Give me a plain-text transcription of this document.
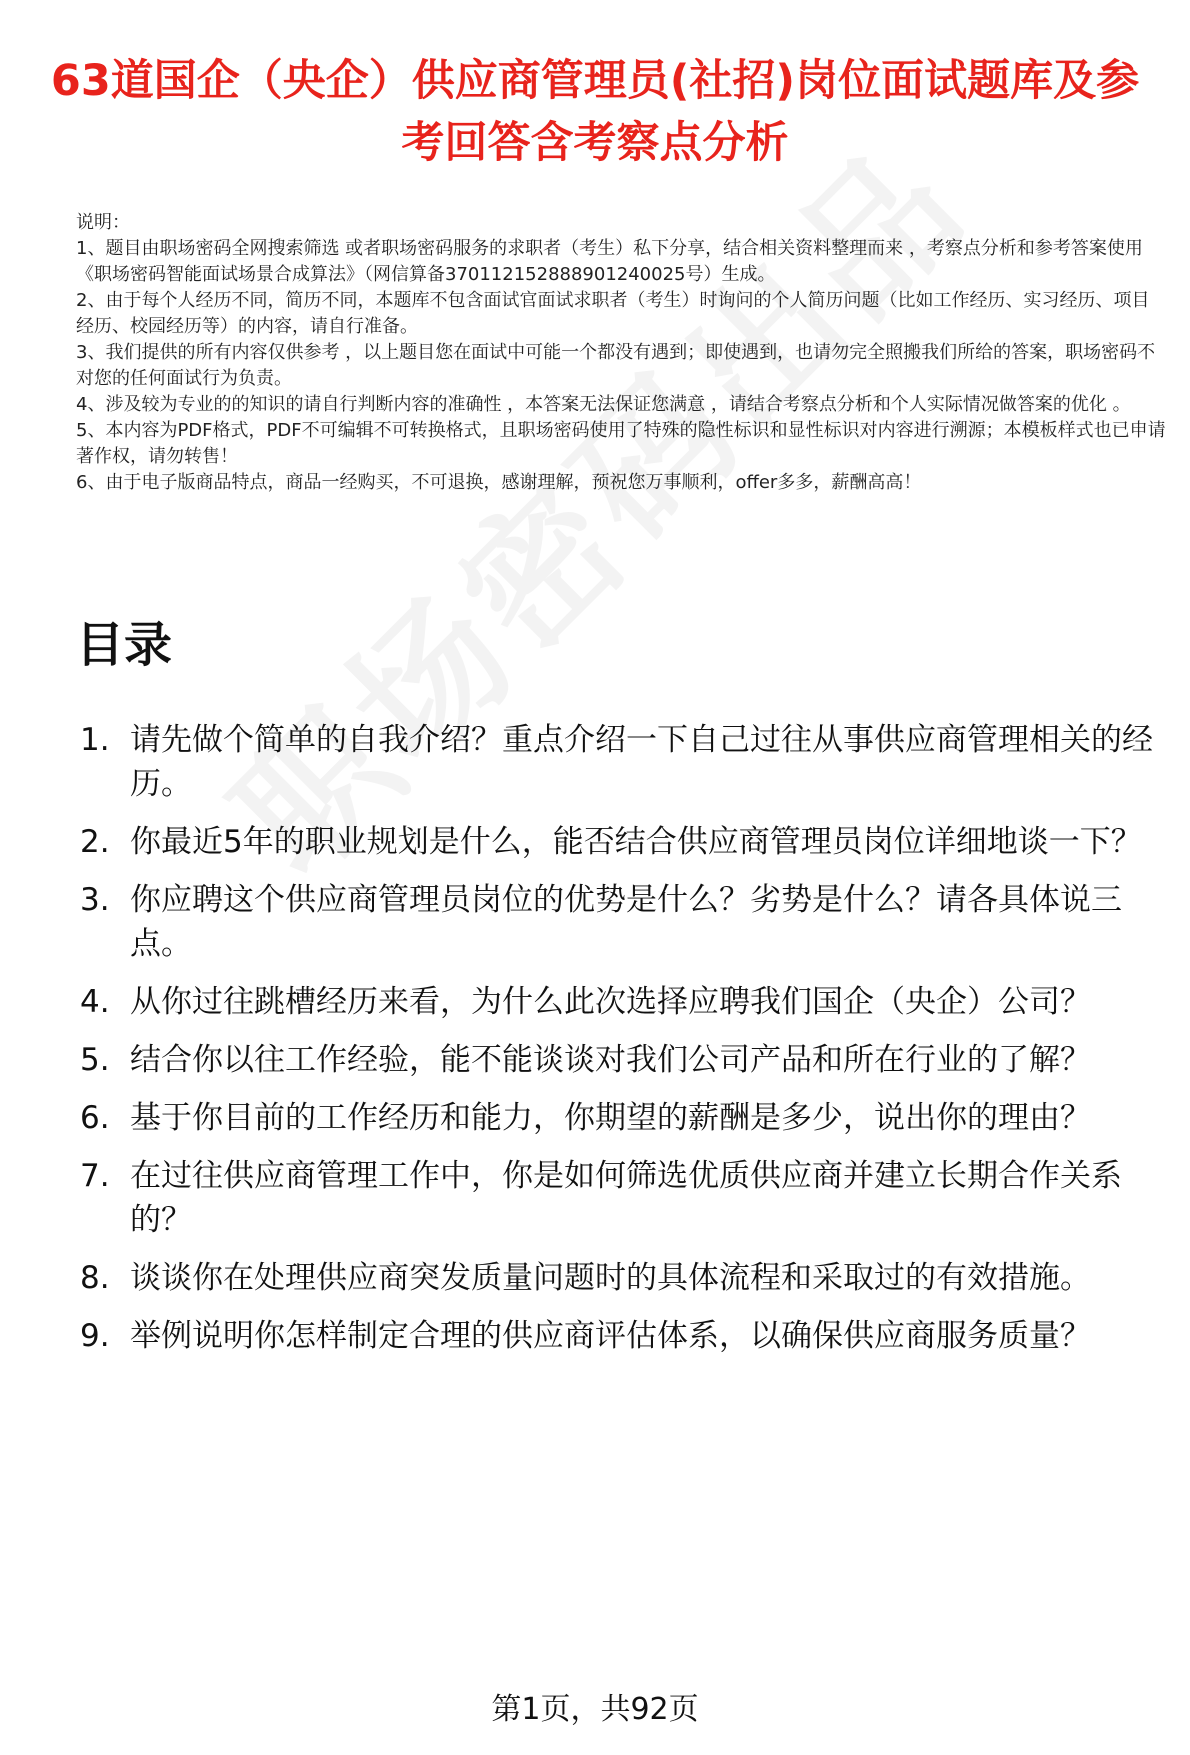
63道国企（央企）供应商管理员(社招)岗位面试题库及参考回答含考察点分析

说明：

1、题目由职场密码全网搜索筛选 或者职场密码服务的求职者（考生）私下分享，结合相关资料整理而来 ，考察点分析和参考答案使用《职场密码智能面试场景合成算法》（网信算备370112152888901240025号）生成。

2、由于每个人经历不同，简历不同，本题库不包含面试官面试求职者（考生）时询问的个人简历问题（比如工作经历、实习经历、项目经历、校园经历等）的内容，请自行准备。

3、我们提供的所有内容仅供参考 ，以上题目您在面试中可能一个都没有遇到；即使遇到，也请勿完全照搬我们所给的答案，职场密码不对您的任何面试行为负责。

4、涉及较为专业的的知识的请自行判断内容的准确性 ，本答案无法保证您满意 ，请结合考察点分析和个人实际情况做答案的优化 。

5、本内容为PDF格式，PDF不可编辑不可转换格式，且职场密码使用了特殊的隐性标识和显性标识对内容进行溯源；本模板样式也已申请著作权，请勿转售！

6、由于电子版商品特点，商品一经购买，不可退换，感谢理解，预祝您万事顺利，offer多多，薪酬高高！

目录
1. 请先做个简单的自我介绍？重点介绍一下自己过往从事供应商管理相关的经历。
2. 你最近5年的职业规划是什么，能否结合供应商管理员岗位详细地谈一下？
3. 你应聘这个供应商管理员岗位的优势是什么？劣势是什么？请各具体说三点。
4. 从你过往跳槽经历来看，为什么此次选择应聘我们国企（央企）公司？
5. 结合你以往工作经验，能不能谈谈对我们公司产品和所在行业的了解？
6. 基于你目前的工作经历和能力，你期望的薪酬是多少，说出你的理由？
7. 在过往供应商管理工作中，你是如何筛选优质供应商并建立长期合作关系的？
8. 谈谈你在处理供应商突发质量问题时的具体流程和采取过的有效措施。
9. 举例说明你怎样制定合理的供应商评估体系，以确保供应商服务质量？
第1页，共92页
